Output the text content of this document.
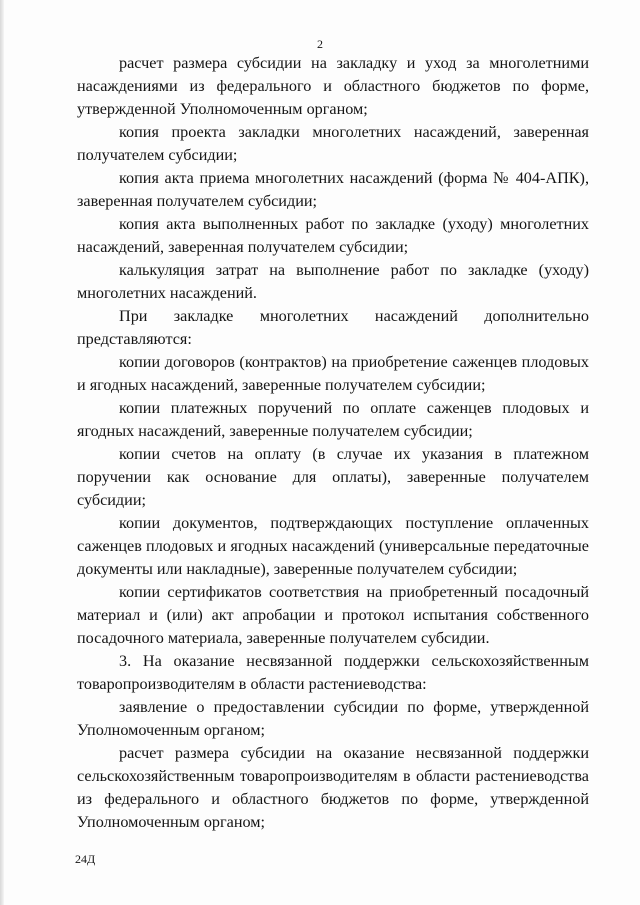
2

расчет размера субсидии на закладку и уход за многолетними насаждениями из федерального и областного бюджетов по форме, утвержденной Уполномоченным органом;

копия проекта закладки многолетних насаждений, заверенная получателем субсидии;

копия акта приема многолетних насаждений (форма № 404-АПК), заверенная получателем субсидии;

копия акта выполненных работ по закладке (уходу) многолетних насаждений, заверенная получателем субсидии;

калькуляция затрат на выполнение работ по закладке (уходу) многолетних насаждений.

При закладке многолетних насаждений дополнительно представляются:

копии договоров (контрактов) на приобретение саженцев плодовых и ягодных насаждений, заверенные получателем субсидии;

копии платежных поручений по оплате саженцев плодовых и ягодных насаждений, заверенные получателем субсидии;

копии счетов на оплату (в случае их указания в платежном поручении как основание для оплаты), заверенные получателем субсидии;

копии документов, подтверждающих поступление оплаченных саженцев плодовых и ягодных насаждений (универсальные передаточные документы или накладные), заверенные получателем субсидии;

копии сертификатов соответствия на приобретенный посадочный материал и (или) акт апробации и протокол испытания собственного посадочного материала, заверенные получателем субсидии.

3. На оказание несвязанной поддержки сельскохозяйственным товаропроизводителям в области растениеводства:

заявление о предоставлении субсидии по форме, утвержденной Уполномоченным органом;

расчет размера субсидии на оказание несвязанной поддержки сельскохозяйственным товаропроизводителям в области растениеводства из федерального и областного бюджетов по форме, утвержденной Уполномоченным органом;

24Д
